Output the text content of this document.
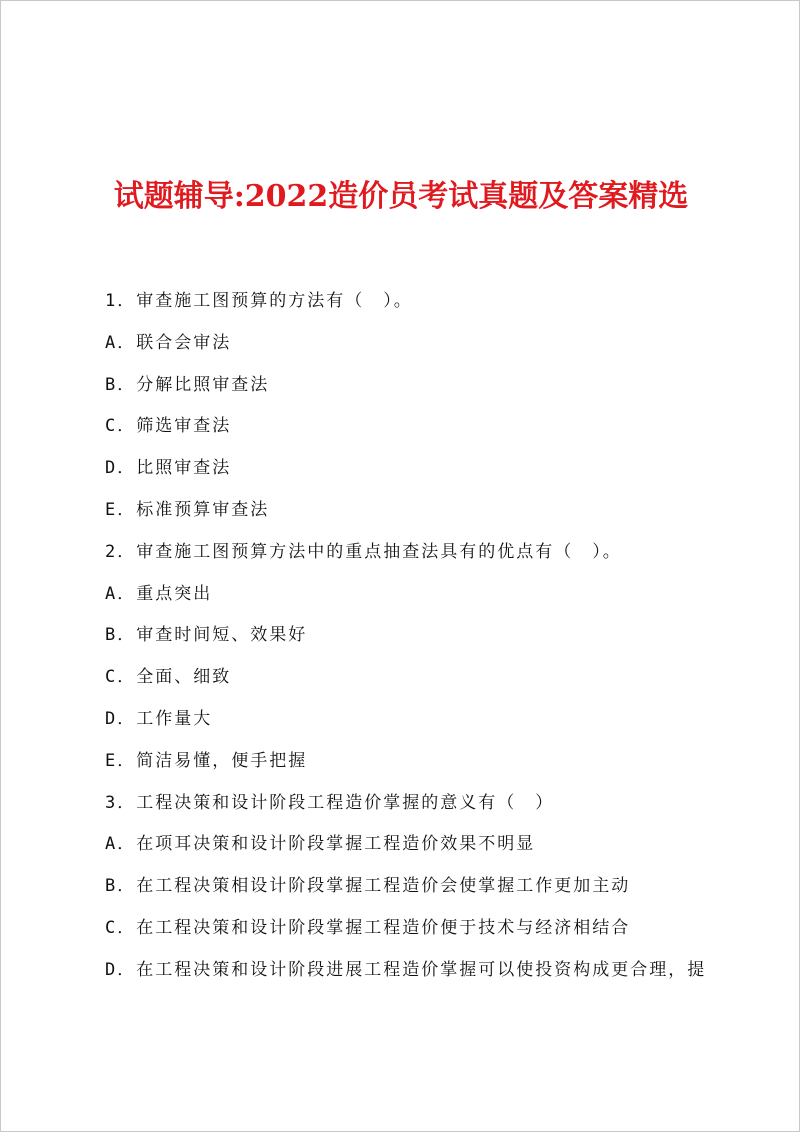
试题辅导:2022造价员考试真题及答案精选
1．审查施工图预算的方法有（　）。
A．联合会审法
B．分解比照审查法
C．筛选审查法
D．比照审查法
E．标准预算审查法
2．审查施工图预算方法中的重点抽查法具有的优点有（　）。
A．重点突出
B．审查时间短、效果好
C．全面、细致
D．工作量大
E．简洁易懂，便手把握
3．工程决策和设计阶段工程造价掌握的意义有（　）
A．在项耳决策和设计阶段掌握工程造价效果不明显
B．在工程决策相设计阶段掌握工程造价会使掌握工作更加主动
C．在工程决策和设计阶段掌握工程造价便于技术与经济相结合
D．在工程决策和设计阶段进展工程造价掌握可以使投资构成更合理，提
